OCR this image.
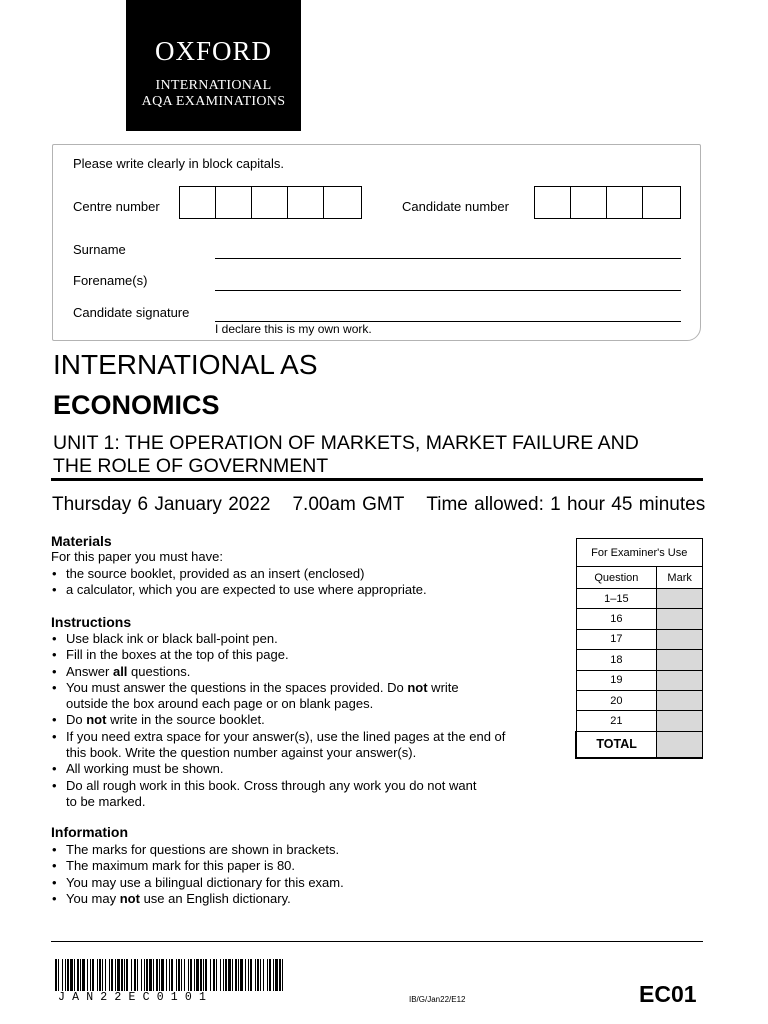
OXFORD
INTERNATIONAL
AQA EXAMINATIONS
Please write clearly in block capitals.
Centre number	Candidate number
Surname
Forename(s)
Candidate signature
I declare this is my own work.
INTERNATIONAL AS
ECONOMICS
UNIT 1: THE OPERATION OF MARKETS, MARKET FAILURE AND
THE ROLE OF GOVERNMENT
Thursday 6 January 2022 7.00am GMT Time allowed: 1 hour 45 minutes
Materials
For this paper you must have:
• the source booklet, provided as an insert (enclosed)
• a calculator, which you are expected to use where appropriate.
Instructions
• Use black ink or black ball-point pen.
• Fill in the boxes at the top of this page.
• Answer all questions.
• You must answer the questions in the spaces provided. Do not write
outside the box around each page or on blank pages.
• Do not write in the source booklet.
• If you need extra space for your answer(s), use the lined pages at the end of
this book. Write the question number against your answer(s).
• All working must be shown.
• Do all rough work in this book. Cross through any work you do not want
to be marked.
Information
• The marks for questions are shown in brackets.
• The maximum mark for this paper is 80.
• You may use a bilingual dictionary for this exam.
• You may not use an English dictionary.
For Examiner's Use	
Question	Mark
1–15	
16	
17	
18	
19	
20	
21	
TOTAL	
JAN22EC0101	IB/G/Jan22/E12	EC01
